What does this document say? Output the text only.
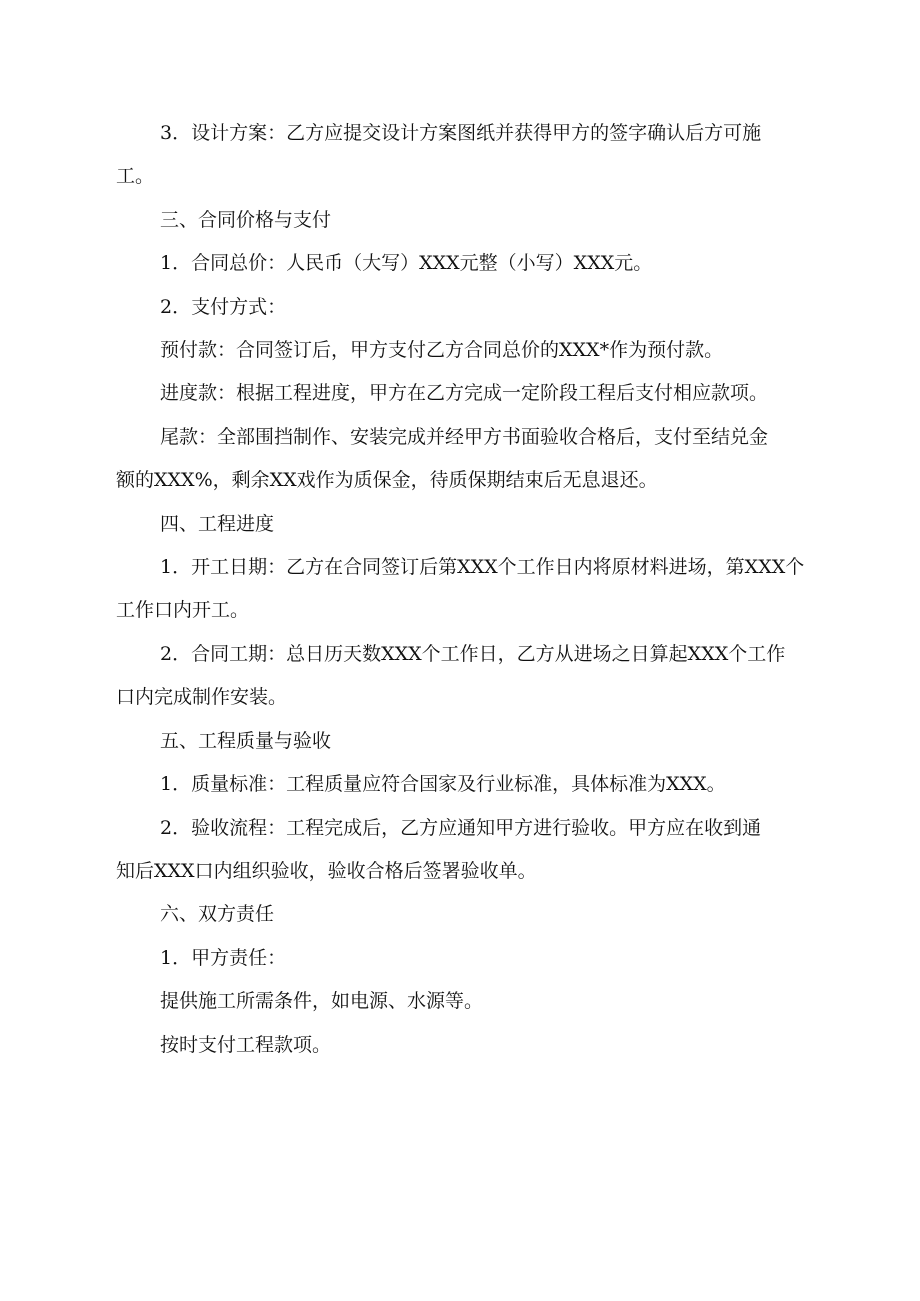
3．设计方案：乙方应提交设计方案图纸并获得甲方的签字确认后方可施

工。

三、合同价格与支付

1．合同总价：人民币（大写）XXX元整（小写）XXX元。

2．支付方式：

预付款：合同签订后，甲方支付乙方合同总价的XXX*作为预付款。

进度款：根据工程进度，甲方在乙方完成一定阶段工程后支付相应款项。

尾款：全部围挡制作、安装完成并经甲方书面验收合格后，支付至结兑金

额的XXX%，剩余XX戏作为质保金，待质保期结束后无息退还。

四、工程进度

1．开工日期：乙方在合同签订后第XXX个工作日内将原材料进场，第XXX个

工作口内开工。

2．合同工期：总日历天数XXX个工作日，乙方从进场之日算起XXX个工作

口内完成制作安装。

五、工程质量与验收

1．质量标准：工程质量应符合国家及行业标准，具体标准为XXX。

2．验收流程：工程完成后，乙方应通知甲方进行验收。甲方应在收到通

知后XXX口内组织验收，验收合格后签署验收单。

六、双方责任

1．甲方责任：

提供施工所需条件，如电源、水源等。

按时支付工程款项。
